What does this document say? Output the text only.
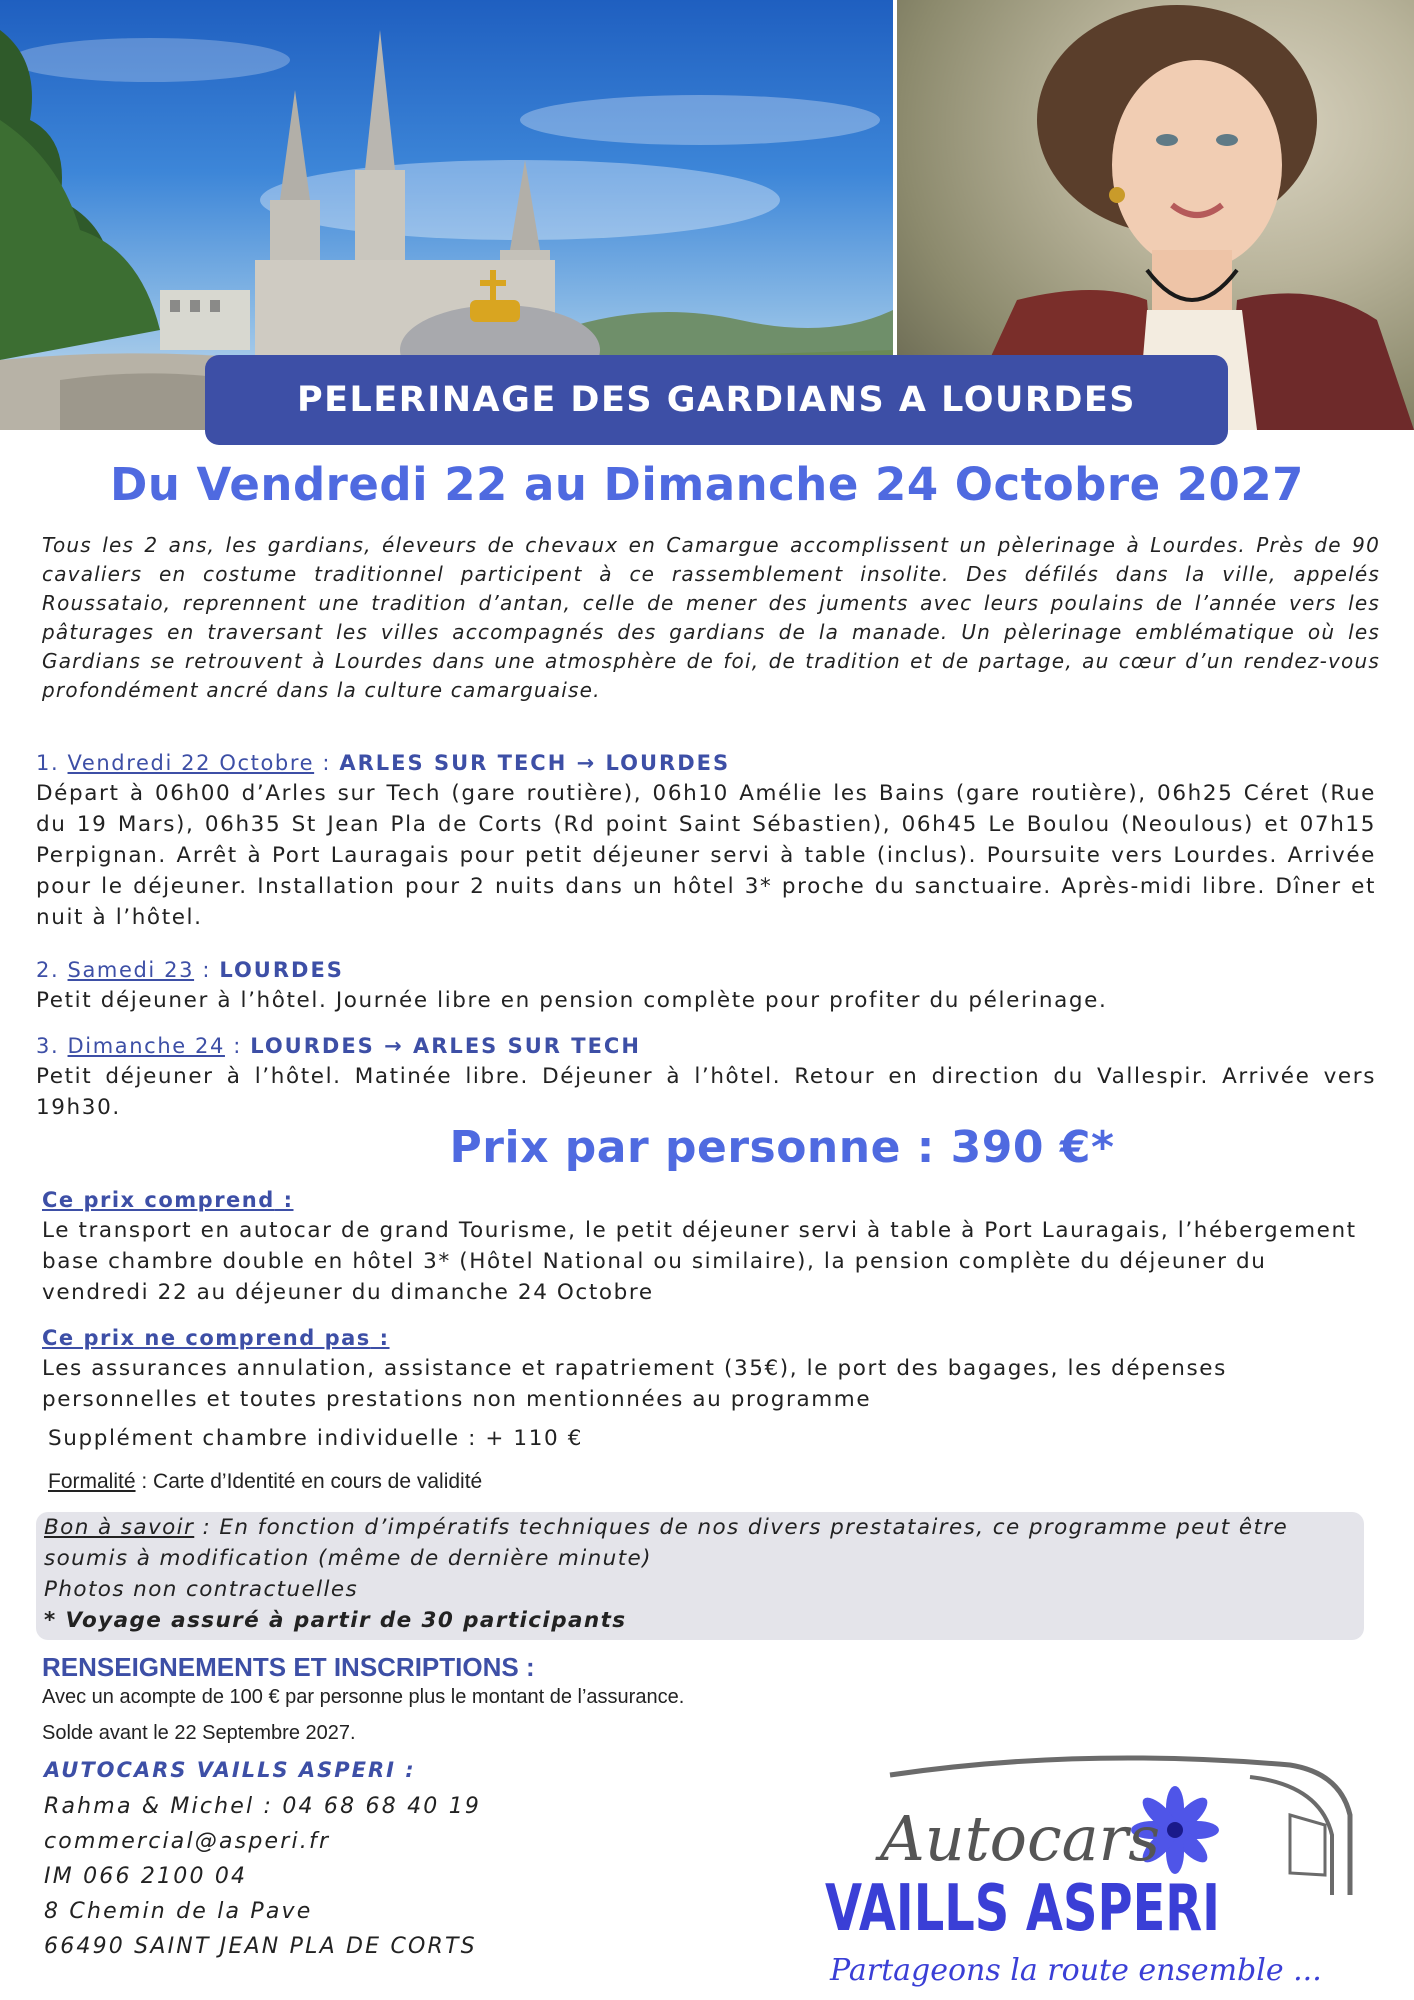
PELERINAGE DES GARDIANS A LOURDES
Du Vendredi 22 au Dimanche 24 Octobre 2027

Tous les 2 ans, les gardians, éleveurs de chevaux en Camargue accomplissent un pèlerinage à Lourdes. Près de 90 cavaliers en costume traditionnel participent à ce rassemblement insolite. Des défilés dans la ville, appelés Roussataio, reprennent une tradition d’antan, celle de mener des juments avec leurs poulains de l’année vers les pâturages en traversant les villes accompagnés des gardians de la manade. Un pèlerinage emblématique où les Gardians se retrouvent à Lourdes dans une atmosphère de foi, de tradition et de partage, au cœur d’un rendez-vous profondément ancré dans la culture camarguaise.

1. Vendredi 22 Octobre : ARLES SUR TECH → LOURDES

Départ à 06h00 d’Arles sur Tech (gare routière), 06h10 Amélie les Bains (gare routière), 06h25 Céret (Rue du 19 Mars), 06h35 St Jean Pla de Corts (Rd point Saint Sébastien), 06h45 Le Boulou (Neoulous) et 07h15 Perpignan. Arrêt à Port Lauragais pour petit déjeuner servi à table (inclus). Poursuite vers Lourdes. Arrivée pour le déjeuner. Installation pour 2 nuits dans un hôtel 3* proche du sanctuaire. Après-midi libre. Dîner et nuit à l’hôtel.

2. Samedi 23 : LOURDES

Petit déjeuner à l’hôtel. Journée libre en pension complète pour profiter du pélerinage.

3. Dimanche 24 : LOURDES → ARLES SUR TECH

Petit déjeuner à l’hôtel. Matinée libre. Déjeuner à l’hôtel. Retour en direction du Vallespir. Arrivée vers 19h30.

Prix par personne : 390 €*
Ce prix comprend :

Le transport en autocar de grand Tourisme, le petit déjeuner servi à table à Port Lauragais, l’hébergement base chambre double en hôtel 3* (Hôtel National ou similaire), la pension complète du déjeuner du vendredi 22 au déjeuner du dimanche 24 Octobre

Ce prix ne comprend pas :

Les assurances annulation, assistance et rapatriement (35€), le port des bagages, les dépenses personnelles et toutes prestations non mentionnées au programme

Supplément chambre individuelle : + 110 €
Formalité : Carte d’Identité en cours de validité

Bon à savoir : En fonction d’impératifs techniques de nos divers prestataires, ce programme peut être soumis à modification (même de dernière minute)

Photos non contractuelles

* Voyage assuré à partir de 30 participants

RENSEIGNEMENTS ET INSCRIPTIONS :
Avec un acompte de 100 € par personne plus le montant de l’assurance.
Solde avant le 22 Septembre 2027.
AUTOCARS VAILLS ASPERI :
Rahma & Michel : 04 68 68 40 19
commercial@asperi.fr
IM 066 2100 04
8 Chemin de la Pave
66490 SAINT JEAN PLA DE CORTS
Autocars
VAILLS ASPERI
Partageons la route ensemble ...
